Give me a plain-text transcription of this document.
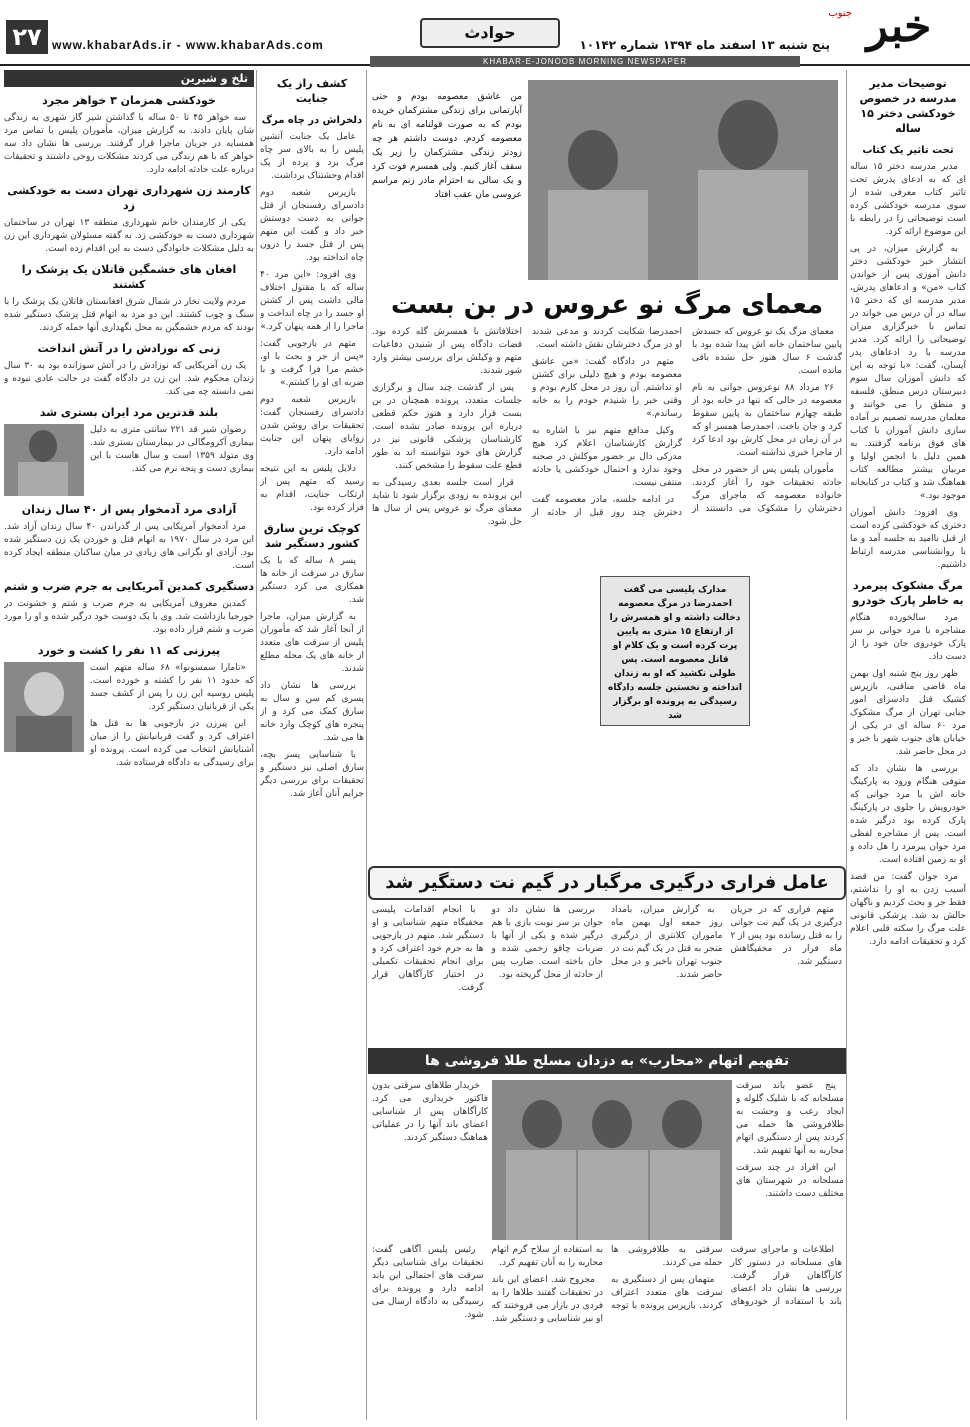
۲۷ www.khabarAds.ir - www.khabarAds.com
حوادث	خبر
جنوب
پنج شنبه ۱۳ اسفند ماه ۱۳۹۴ شماره ۱۰۱۴۲
KHABAR-E-JONOOB MORNING NEWSPAPER
توضیحات مدیر مدرسه در خصوص خودکشی دختر ۱۵ ساله
تحت تاثیر یک کتاب

مدیر مدرسه دختر ۱۵ ساله ای که به ادعای پدرش تحت تاثیر کتاب معرفی شده از سوی مدرسه خودکشی کرده است توضیحاتی را در رابطه با این موضوع ارائه کرد.

به گزارش میزان، در پی انتشار خبر خودکشی دختر دانش آموزی پس از خواندن کتاب «من» و ادعاهای پدرش، مدیر مدرسه ای که دختر ۱۵ ساله در آن درس می خواند در تماس با خبرگزاری میزان توضیحاتی را ارائه کرد. مدیر مدرسه با رد ادعاهای پدر آیسان، گفت: «با توجه به این که دانش آموزان سال سوم دبیرستان درس منطق، فلسفه و منطق را می خوانند و معلمان مدرسه تصمیم بر آماده سازی دانش آموزان با کتاب های فوق برنامه گرفتند. به همین دلیل با انجمن اولیا و مربیان بیشتر مطالعه کتاب هماهنگ شد و کتاب در کتابخانه موجود بود.»

وی افزود: دانش آموزان دختری که خودکشی کرده است از قبل ناامید به جلسه آمد و ما با روانشناسی مدرسه ارتباط داشتیم.

مرگ مشکوک پیرمرد به خاطر پارک خودرو

مرد سالخورده هنگام مشاجره با مرد جوانی بر سر پارک خودروی جان خود را از دست داد.

ظهر روز پنج شنبه اول بهمن ماه قاضی مناقبی، بازپرس کشیک قتل دادسرای امور جنایی تهران از مرگ مشکوک مرد ۶۰ ساله ای در یکی از خیابان های جنوب شهر با خبر و در محل حاضر شد.

بررسی ها نشان داد که متوفی هنگام ورود به پارکینگ خانه اش با مرد جوانی که خودرویش را جلوی در پارکینگ پارک کرده بود درگیر شده است. پس از مشاجره لفظی مرد جوان پیرمرد را هل داده و او به زمین افتاده است.

مرد جوان گفت: من قصد آسیب زدن به او را نداشتم، فقط جر و بحث کردیم و ناگهان حالش بد شد. پزشکی قانونی علت مرگ را سکته قلبی اعلام کرد و تحقیقات ادامه دارد.

من عاشق معصومه بودم و حتی آپارتمانی برای زندگی مشترکمان خریده بودم که به صورت قولنامه ای به نام معصومه کردم. دوست داشتم هر چه زودتر زندگی مشترکمان را زیر یک سقف آغاز کنیم. ولی همسرم فوت کرد و یک سالی به احترام مادر زنم مراسم عروسی مان عقب افتاد
معمای مرگ نو عروس در بن بست

معمای مرگ یک نو عروس که جسدش پایین ساختمان خانه اش پیدا شده بود با گذشت ۶ سال هنوز حل نشده باقی مانده است.

۲۶ مرداد ۸۸ نوعروس جوانی به نام معصومه در حالی که تنها در خانه بود از طبقه چهارم ساختمان به پایین سقوط کرد و جان باخت. احمدرضا همسر او که در آن زمان در محل کارش بود ادعا کرد از ماجرا خبری نداشته است.

مأموران پلیس پس از حضور در محل حادثه تحقیقات خود را آغاز کردند. خانواده معصومه که ماجرای مرگ دخترشان را مشکوک می دانستند از احمدرضا شکایت کردند و مدعی شدند او در مرگ دخترشان نقش داشته است.

متهم در دادگاه گفت: «من عاشق معصومه بودم و هیچ دلیلی برای کشتن او نداشتم. آن روز در محل کارم بودم و وقتی خبر را شنیدم خودم را به خانه رساندم.»

وکیل مدافع متهم نیز با اشاره به گزارش کارشناسان اعلام کرد هیچ مدرکی دال بر حضور موکلش در صحنه وجود ندارد و احتمال خودکشی یا حادثه منتفی نیست.

در ادامه جلسه، مادر معصومه گفت دخترش چند روز قبل از حادثه از اختلافاتش با همسرش گله کرده بود. قضات دادگاه پس از شنیدن دفاعیات متهم و وکیلش برای بررسی بیشتر وارد شور شدند.

پس از گذشت چند سال و برگزاری جلسات متعدد، پرونده همچنان در بن بست قرار دارد و هنوز حکم قطعی درباره این پرونده صادر نشده است. کارشناسان پزشکی قانونی نیز در گزارش های خود نتوانسته اند به طور قطع علت سقوط را مشخص کنند.

قرار است جلسه بعدی رسیدگی به این پرونده به زودی برگزار شود تا شاید معمای مرگ نو عروس پس از سال ها حل شود.

مدارک پلیسی می گفت احمدرضا در مرگ معصومه دخالت داشته و او همسرش را از ارتفاع ۱۵ متری به پایین پرت کرده است و یک کلام او قاتل معصومه است. پس طولی نکشید که او به زندان انداخته و نخستین جلسه دادگاه رسیدگی به پرونده او برگزار شد
عامل فراری درگیری مرگبار در گیم نت دستگیر شد

متهم فراری که در جریان درگیری در یک گیم نت جوانی را به قتل رسانده بود پس از ۲ ماه فرار در مخفیگاهش دستگیر شد.

به گزارش میزان، بامداد روز جمعه اول بهمن ماه ماموران کلانتری از درگیری منجر به قتل در یک گیم نت در جنوب تهران باخبر و در محل حاضر شدند.

بررسی ها نشان داد دو جوان بر سر نوبت بازی با هم درگیر شده و یکی از آنها با ضربات چاقو زخمی شده و جان باخته است. ضارب پس از حادثه از محل گریخته بود.

با انجام اقدامات پلیسی مخفیگاه متهم شناسایی و او دستگیر شد. متهم در بازجویی ها به جرم خود اعتراف کرد و برای انجام تحقیقات تکمیلی در اختیار کارآگاهان قرار گرفت.

تفهیم اتهام «محارب» به دزدان مسلح طلا فروشی ها

پنج عضو باند سرقت مسلحانه که با شلیک گلوله و ایجاد رعب و وحشت به طلافروشی ها حمله می کردند پس از دستگیری اتهام محاربه به آنها تفهیم شد.

این افراد در چند سرقت مسلحانه در شهرستان های مختلف دست داشتند.

خریدار طلاهای سرقتی بدون فاکتور خریداری می کرد. کارآگاهان پس از شناسایی اعضای باند آنها را در عملیاتی هماهنگ دستگیر کردند.

اطلاعات و ماجرای سرقت های مسلحانه در دستور کار کارآگاهان قرار گرفت. بررسی ها نشان داد اعضای باند با استفاده از خودروهای سرقتی به طلافروشی ها حمله می کردند.

متهمان پس از دستگیری به سرقت های متعدد اعتراف کردند. بازپرس پرونده با توجه به استفاده از سلاح گرم اتهام محاربه را به آنان تفهیم کرد.

مجروح شد. اعضای این باند در تحقیقات گفتند طلاها را به فردی در بازار می فروختند که او نیز شناسایی و دستگیر شد.

رئیس پلیس آگاهی گفت: تحقیقات برای شناسایی دیگر سرقت های احتمالی این باند ادامه دارد و پرونده برای رسیدگی به دادگاه ارسال می شود.

کشف راز یک جنایت
دلخراش در چاه مرگ

عامل یک جنایت آتشین پلیس را به بالای سر چاه مرگ برد و پرده از یک اقدام وحشتناک برداشت.

بازپرس شعبه دوم دادسرای رفسنجان از قتل جوانی به دست دوستش خبر داد و گفت این متهم پس از قتل جسد را درون چاه انداخته بود.

وی افزود: «این مرد ۴۰ ساله که با مقتول اختلاف مالی داشت پس از کشتن او جسد را در چاه انداخت و ماجرا را از همه پنهان کرد.»

متهم در بازجویی گفت: «پس از جر و بحث با او، خشم مرا فرا گرفت و با ضربه ای او را کشتم.»

بازپرس شعبه دوم دادسرای رفسنجان گفت: تحقیقات برای روشن شدن زوایای پنهان این جنایت ادامه دارد.

دلایل پلیس به این نتیجه رسید که متهم پس از ارتکاب جنایت، اقدام به فرار کرده بود.

کوچک ترین سارق کشور دستگیر شد

پسر ۸ ساله که با یک سارق در سرقت از خانه ها همکاری می کرد دستگیر شد.

به گزارش میزان، ماجرا از آنجا آغاز شد که مأموران پلیس از سرقت های متعدد از خانه های یک محله مطلع شدند.

بررسی ها نشان داد پسری کم سن و سال به سارق کمک می کرد و از پنجره های کوچک وارد خانه ها می شد.

با شناسایی پسر بچه، سارق اصلی نیز دستگیر و تحقیقات برای بررسی دیگر جرایم آنان آغاز شد.

تلخ و شیرین
خودکشی همزمان ۳ خواهر مجرد

سه خواهر ۴۵ تا ۵۰ ساله با گذاشتن شیر گاز شهری به زندگی شان پایان دادند. به گزارش میزان، مأموران پلیس با تماس مرد همسایه در جریان ماجرا قرار گرفتند. بررسی ها نشان داد سه خواهر که با هم زندگی می کردند مشکلات روحی داشتند و تحقیقات درباره علت حادثه ادامه دارد.

کارمند زن شهرداری تهران دست به خودکشی زد

یکی از کارمندان خانم شهرداری منطقه ۱۳ تهران در ساختمان شهرداری دست به خودکشی زد. به گفته مسئولان شهرداری این زن به دلیل مشکلات خانوادگی دست به این اقدام زده است.

افغان های خشمگین قاتلان یک پزشک را کشتند

مردم ولایت تخار در شمال شرق افغانستان قاتلان یک پزشک را با سنگ و چوب کشتند. این دو مرد به اتهام قتل پزشک دستگیر شده بودند که مردم خشمگین به محل نگهداری آنها حمله کردند.

زنی که نوزادش را در آتش انداخت

یک زن آمریکایی که نوزادش را در آتش سوزانده بود به ۳۰ سال زندان محکوم شد. این زن در دادگاه گفت در حالت عادی نبوده و نمی دانسته چه می کند.

بلند قدترین مرد ایران بستری شد

رضوان شیر قد ۲۲۱ سانتی متری به دلیل بیماری آکرومگالی در بیمارستان بستری شد. وی متولد ۱۳۵۹ است و سال هاست با این بیماری دست و پنجه نرم می کند.

آزادی مرد آدمخوار پس از ۴۰ سال زندان

مرد آدمخوار آمریکایی پس از گذراندن ۴۰ سال زندان آزاد شد. این مرد در سال ۱۹۷۰ به اتهام قتل و خوردن یک زن دستگیر شده بود. آزادی او نگرانی های زیادی در میان ساکنان منطقه ایجاد کرده است.

دستگیری کمدین آمریکایی به جرم ضرب و شتم

کمدین معروف آمریکایی به جرم ضرب و شتم و خشونت در جورجیا بازداشت شد. وی با یک دوست خود درگیر شده و او را مورد ضرب و شتم قرار داده بود.

پیرزنی که ۱۱ نفر را کشت و خورد

«تامارا سمسونوا» ۶۸ ساله متهم است که حدود ۱۱ نفر را کشته و خورده است. پلیس روسیه این زن را پس از کشف جسد یکی از قربانیان دستگیر کرد.

این پیرزن در بازجویی ها به قتل ها اعتراف کرد و گفت قربانیانش را از میان آشنایانش انتخاب می کرده است. پرونده او برای رسیدگی به دادگاه فرستاده شد.
